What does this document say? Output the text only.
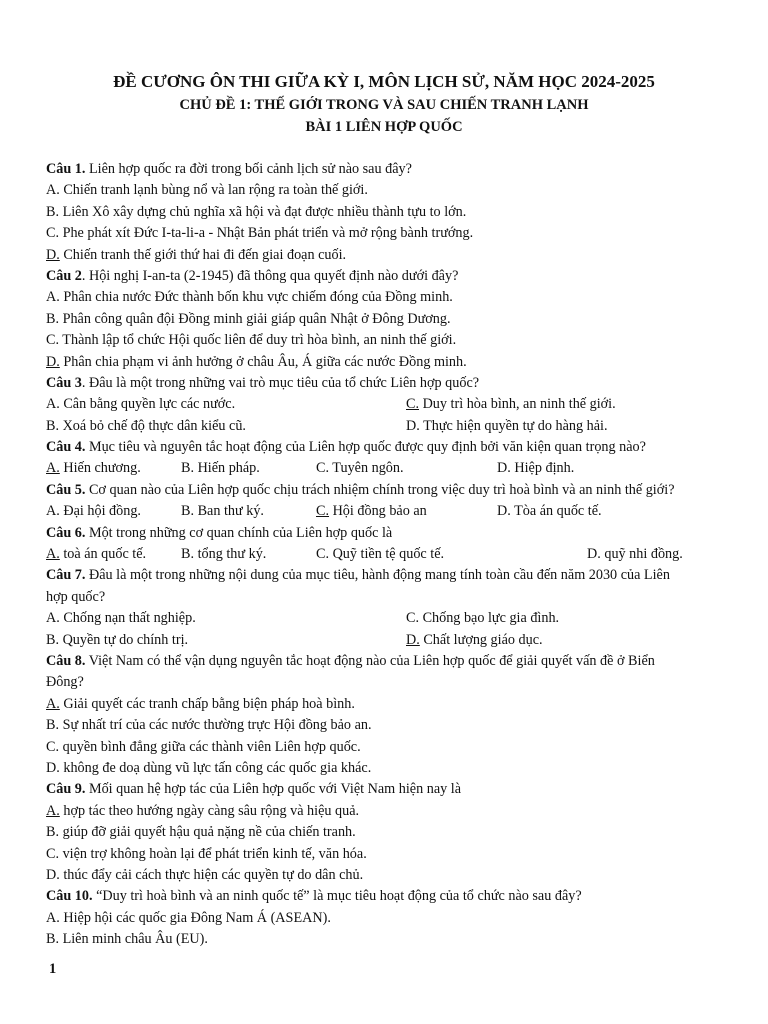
ĐỀ CƯƠNG ÔN THI GIỮA KỲ I, MÔN LỊCH SỬ, NĂM HỌC 2024-2025
CHỦ ĐỀ 1: THẾ GIỚI TRONG VÀ SAU CHIẾN TRANH LẠNH
BÀI 1 LIÊN HỢP QUỐC
Câu 1. Liên hợp quốc ra đời trong bối cảnh lịch sử nào sau đây?
A. Chiến tranh lạnh bùng nổ và lan rộng ra toàn thế giới.
B. Liên Xô xây dựng chủ nghĩa xã hội và đạt được nhiều thành tựu to lớn.
C. Phe phát xít Đức I-ta-li-a - Nhật Bản phát triển và mở rộng bành trướng.
D. Chiến tranh thế giới thứ hai đi đến giai đoạn cuối.
Câu 2. Hội nghị I-an-ta (2-1945) đã thông qua quyết định nào dưới đây?
A. Phân chia nước Đức thành bốn khu vực chiếm đóng của Đồng minh.
B. Phân công quân đội Đồng minh giải giáp quân Nhật ở Đông Dương.
C. Thành lập tổ chức Hội quốc liên để duy trì hòa bình, an ninh thế giới.
D. Phân chia phạm vi ảnh hưởng ở châu Âu, Á giữa các nước Đồng minh.
Câu 3. Đâu là một trong những vai trò mục tiêu của tổ chức Liên hợp quốc?
A. Cân bằng quyền lực các nước.	C. Duy trì hòa bình, an ninh thế giới.
B. Xoá bỏ chế độ thực dân kiểu cũ.	D. Thực hiện quyền tự do hàng hải.
Câu 4. Mục tiêu và nguyên tắc hoạt động của Liên hợp quốc được quy định bởi văn kiện quan trọng nào?
A. Hiến chương.	B. Hiến pháp.	C. Tuyên ngôn.	D. Hiệp định.
Câu 5. Cơ quan nào của Liên hợp quốc chịu trách nhiệm chính trong việc duy trì hoà bình và an ninh thế giới?
A. Đại hội đồng.	B. Ban thư ký.	C. Hội đồng bảo an	D. Tòa án quốc tế.
Câu 6. Một trong những cơ quan chính của Liên hợp quốc là
A. toà án quốc tế. B. tổng thư ký.	C. Quỹ tiền tệ quốc tế.	D. quỹ nhi đồng.
Câu 7. Đâu là một trong những nội dung của mục tiêu, hành động mang tính toàn cầu đến năm 2030 của Liên
hợp quốc?
A. Chống nạn thất nghiệp.	C. Chống bạo lực gia đình.
B. Quyền tự do chính trị.	D. Chất lượng giáo dục.
Câu 8. Việt Nam có thể vận dụng nguyên tắc hoạt động nào của Liên hợp quốc để giải quyết vấn đề ở Biển
Đông?
A. Giải quyết các tranh chấp bằng biện pháp hoà bình.
B. Sự nhất trí của các nước thường trực Hội đồng bảo an.
C. quyền bình đẳng giữa các thành viên Liên hợp quốc.
D. không đe doạ dùng vũ lực tấn công các quốc gia khác.
Câu 9. Mối quan hệ hợp tác của Liên hợp quốc với Việt Nam hiện nay là
A. hợp tác theo hướng ngày càng sâu rộng và hiệu quả.
B. giúp đỡ giải quyết hậu quả nặng nề của chiến tranh.
C. viện trợ không hoàn lại để phát triển kinh tế, văn hóa.
D. thúc đẩy cải cách thực hiện các quyền tự do dân chủ.
Câu 10. “Duy trì hoà bình và an ninh quốc tế” là mục tiêu hoạt động của tổ chức nào sau đây?
A. Hiệp hội các quốc gia Đông Nam Á (ASEAN).
B. Liên minh châu Âu (EU).
1
